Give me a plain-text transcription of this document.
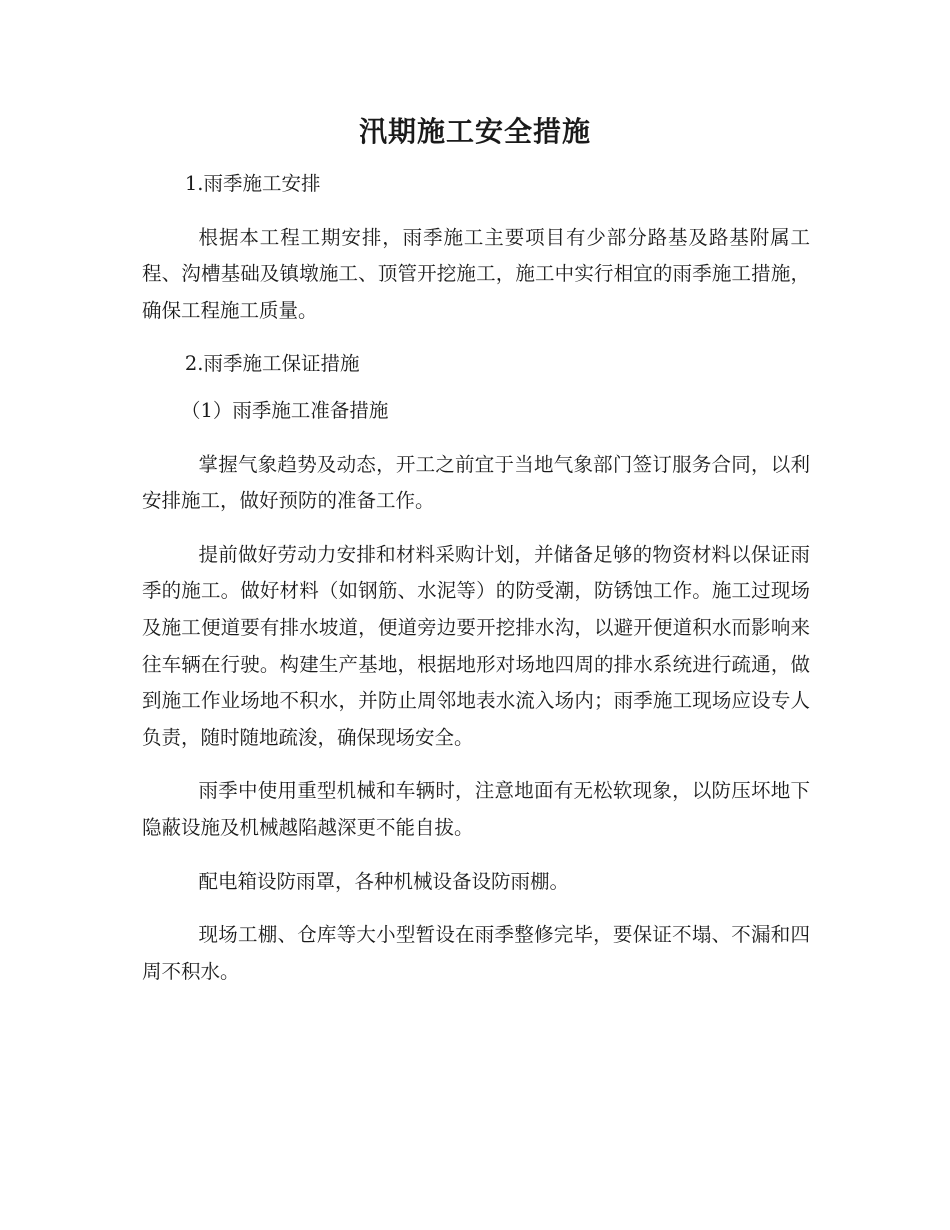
汛期施工安全措施

1.雨季施工安排

根据本工程工期安排，雨季施工主要项目有少部分路基及路基附属工程、沟槽基础及镇墩施工、顶管开挖施工，施工中实行相宜的雨季施工措施，确保工程施工质量。

2.雨季施工保证措施

（1）雨季施工准备措施

掌握气象趋势及动态，开工之前宜于当地气象部门签订服务合同，以利安排施工，做好预防的准备工作。

提前做好劳动力安排和材料采购计划，并储备足够的物资材料以保证雨季的施工。做好材料（如钢筋、水泥等）的防受潮，防锈蚀工作。施工过现场及施工便道要有排水坡道，便道旁边要开挖排水沟，以避开便道积水而影响来往车辆在行驶。构建生产基地，根据地形对场地四周的排水系统进行疏通，做到施工作业场地不积水，并防止周邻地表水流入场内；雨季施工现场应设专人负责，随时随地疏浚，确保现场安全。

雨季中使用重型机械和车辆时，注意地面有无松软现象，以防压坏地下隐蔽设施及机械越陷越深更不能自拔。

配电箱设防雨罩，各种机械设备设防雨棚。

现场工棚、仓库等大小型暂设在雨季整修完毕，要保证不塌、不漏和四周不积水。
